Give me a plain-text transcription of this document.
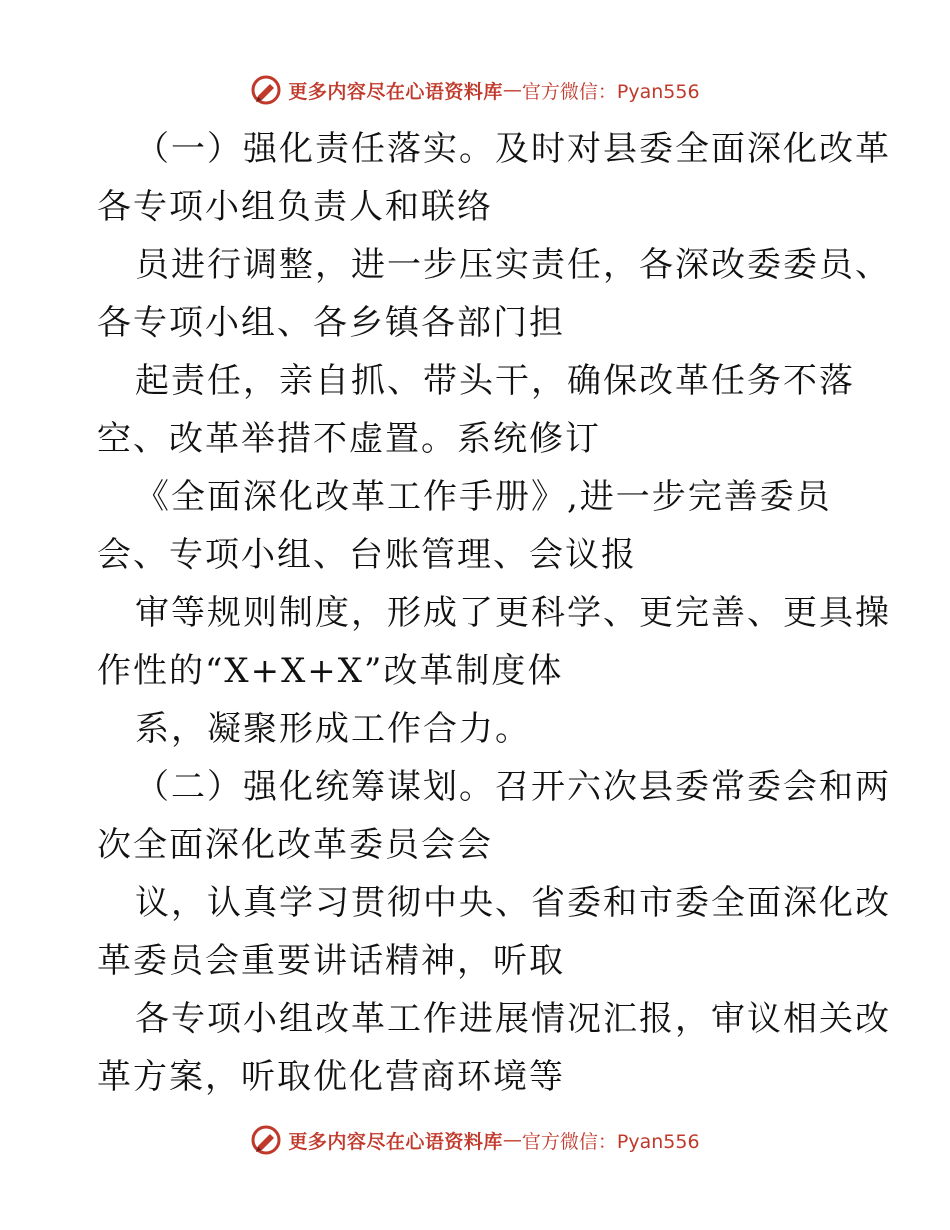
更多内容尽在心语资料库 — 官方微信：Pyan556
（一）强化责任落实。及时对县委全面深化改革
各专项小组负责人和联络
员进行调整，进一步压实责任，各深改委委员、
各专项小组、各乡镇各部门担
起责任，亲自抓、带头干，确保改革任务不落
空、改革举措不虚置。系统修订
《全面深化改革工作手册》,进一步完善委员
会、专项小组、台账管理、会议报
审等规则制度，形成了更科学、更完善、更具操
作性的“X+X+X”改革制度体
系，凝聚形成工作合力。
（二）强化统筹谋划。召开六次县委常委会和两
次全面深化改革委员会会
议，认真学习贯彻中央、省委和市委全面深化改
革委员会重要讲话精神，听取
各专项小组改革工作进展情况汇报，审议相关改
革方案，听取优化营商环境等
更多内容尽在心语资料库 — 官方微信：Pyan556
